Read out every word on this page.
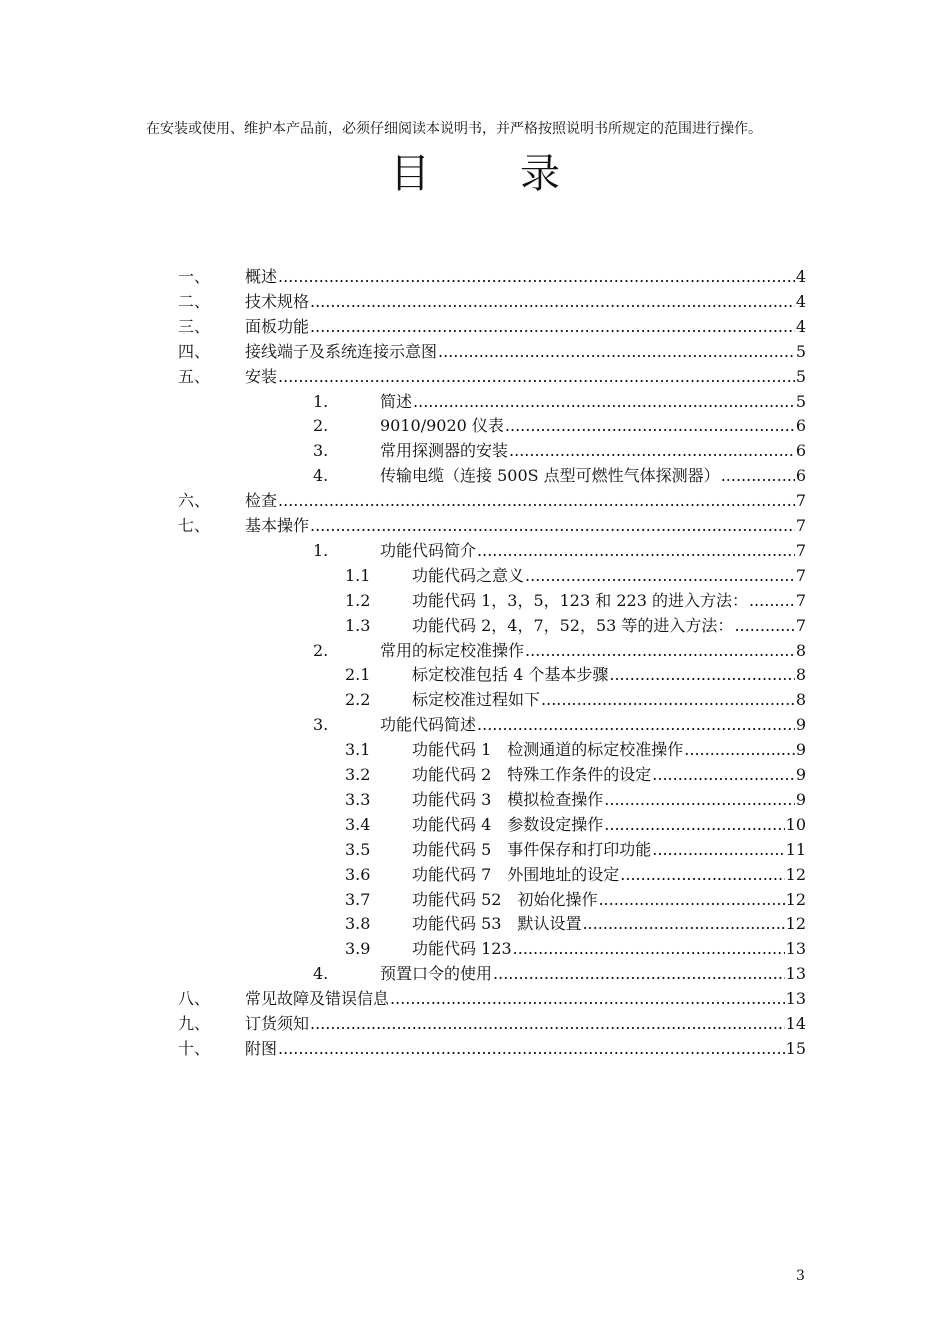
在安装或使用、维护本产品前，必须仔细阅读本说明书，并严格按照说明书所规定的范围进行操作。
目 录
一、 概述 .....	4
二、 技术规格 .....	4
三、 面板功能 .....	4
四、 接线端子及系统连接示意图 .....	5
五、 安装 .....	5
1.	简述 .....	5
2.	9010/9020 仪表 .....	6
3.	常用探测器的安装 .....	6
4.	传输电缆（连接 500S 点型可燃性气体探测器） .....	6
六、 检查 .....	7
七、 基本操作 .....	7
1.	功能代码简介 .....	7
1.1	功能代码之意义 .....	7
1.2	功能代码 1，3，5，123 和 223 的进入方法： .....	7
1.3	功能代码 2，4，7，52，53 等的进入方法： .....	7
2.	常用的标定校准操作 .....	8
2.1	标定校准包括 4 个基本步骤 .....	8
2.2	标定校准过程如下 .....	8
3.	功能代码简述 .....	9
3.1	功能代码 1　检测通道的标定校准操作 .....	9
3.2	功能代码 2　特殊工作条件的设定 .....	9
3.3	功能代码 3　模拟检查操作 .....	9
3.4	功能代码 4　参数设定操作 .....	10
3.5	功能代码 5　事件保存和打印功能 .....	11
3.6	功能代码 7　外围地址的设定 .....	12
3.7	功能代码 52　初始化操作 .....	12
3.8	功能代码 53　默认设置 .....	12
3.9	功能代码 123 .....	13
4.	预置口令的使用 .....	13
八、 常见故障及错误信息 .....	13
九、 订货须知 .....	14
十、 附图 .....	15
3
